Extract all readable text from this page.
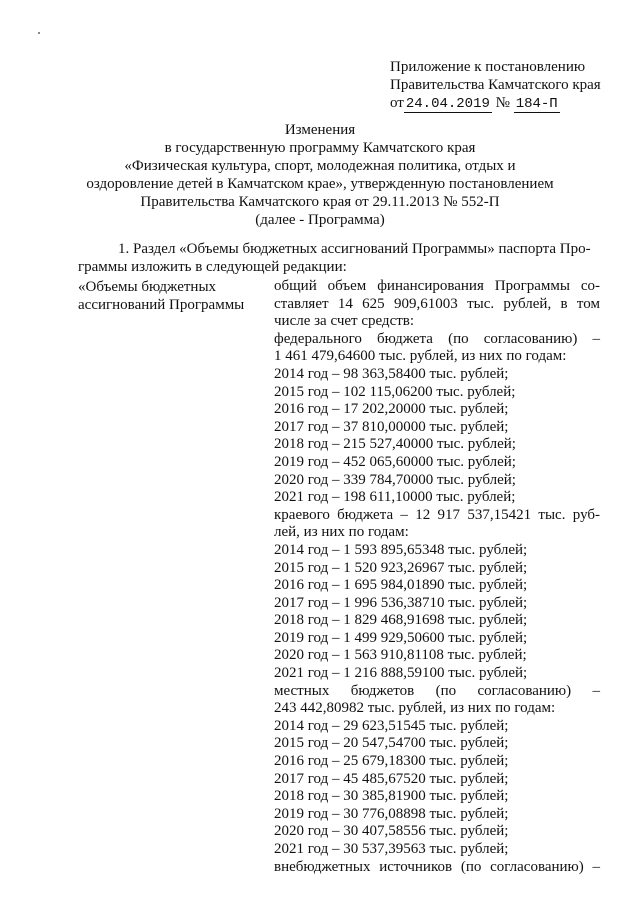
Приложение к постановлению
Правительства Камчатского края
от 24.04.2019 № 184-П
Изменения
в государственную программу Камчатского края
«Физическая культура, спорт, молодежная политика, отдых и
оздоровление детей в Камчатском крае», утвержденную постановлением
Правительства Камчатского края от 29.11.2013 № 552-П
(далее - Программа)
1. Раздел «Объемы бюджетных ассигнований Программы» паспорта Про-
граммы изложить в следующей редакции:
«Объемы бюджетных
ассигнований Программы
общий объем финансирования Программы со-
ставляет 14 625 909,61003 тыс. рублей, в том
числе за счет средств:
федерального бюджета (по согласованию) –
1 461 479,64600 тыс. рублей, из них по годам:
2014 год – 98 363,58400 тыс. рублей;
2015 год – 102 115,06200 тыс. рублей;
2016 год – 17 202,20000 тыс. рублей;
2017 год – 37 810,00000 тыс. рублей;
2018 год – 215 527,40000 тыс. рублей;
2019 год – 452 065,60000 тыс. рублей;
2020 год – 339 784,70000 тыс. рублей;
2021 год – 198 611,10000 тыс. рублей;
краевого бюджета – 12 917 537,15421 тыс. руб-
лей, из них по годам:
2014 год – 1 593 895,65348 тыс. рублей;
2015 год – 1 520 923,26967 тыс. рублей;
2016 год – 1 695 984,01890 тыс. рублей;
2017 год – 1 996 536,38710 тыс. рублей;
2018 год – 1 829 468,91698 тыс. рублей;
2019 год – 1 499 929,50600 тыс. рублей;
2020 год – 1 563 910,81108 тыс. рублей;
2021 год – 1 216 888,59100 тыс. рублей;
местных бюджетов (по согласованию) –
243 442,80982 тыс. рублей, из них по годам:
2014 год – 29 623,51545 тыс. рублей;
2015 год – 20 547,54700 тыс. рублей;
2016 год – 25 679,18300 тыс. рублей;
2017 год – 45 485,67520 тыс. рублей;
2018 год – 30 385,81900 тыс. рублей;
2019 год – 30 776,08898 тыс. рублей;
2020 год – 30 407,58556 тыс. рублей;
2021 год – 30 537,39563 тыс. рублей;
внебюджетных источников (по согласованию) –
